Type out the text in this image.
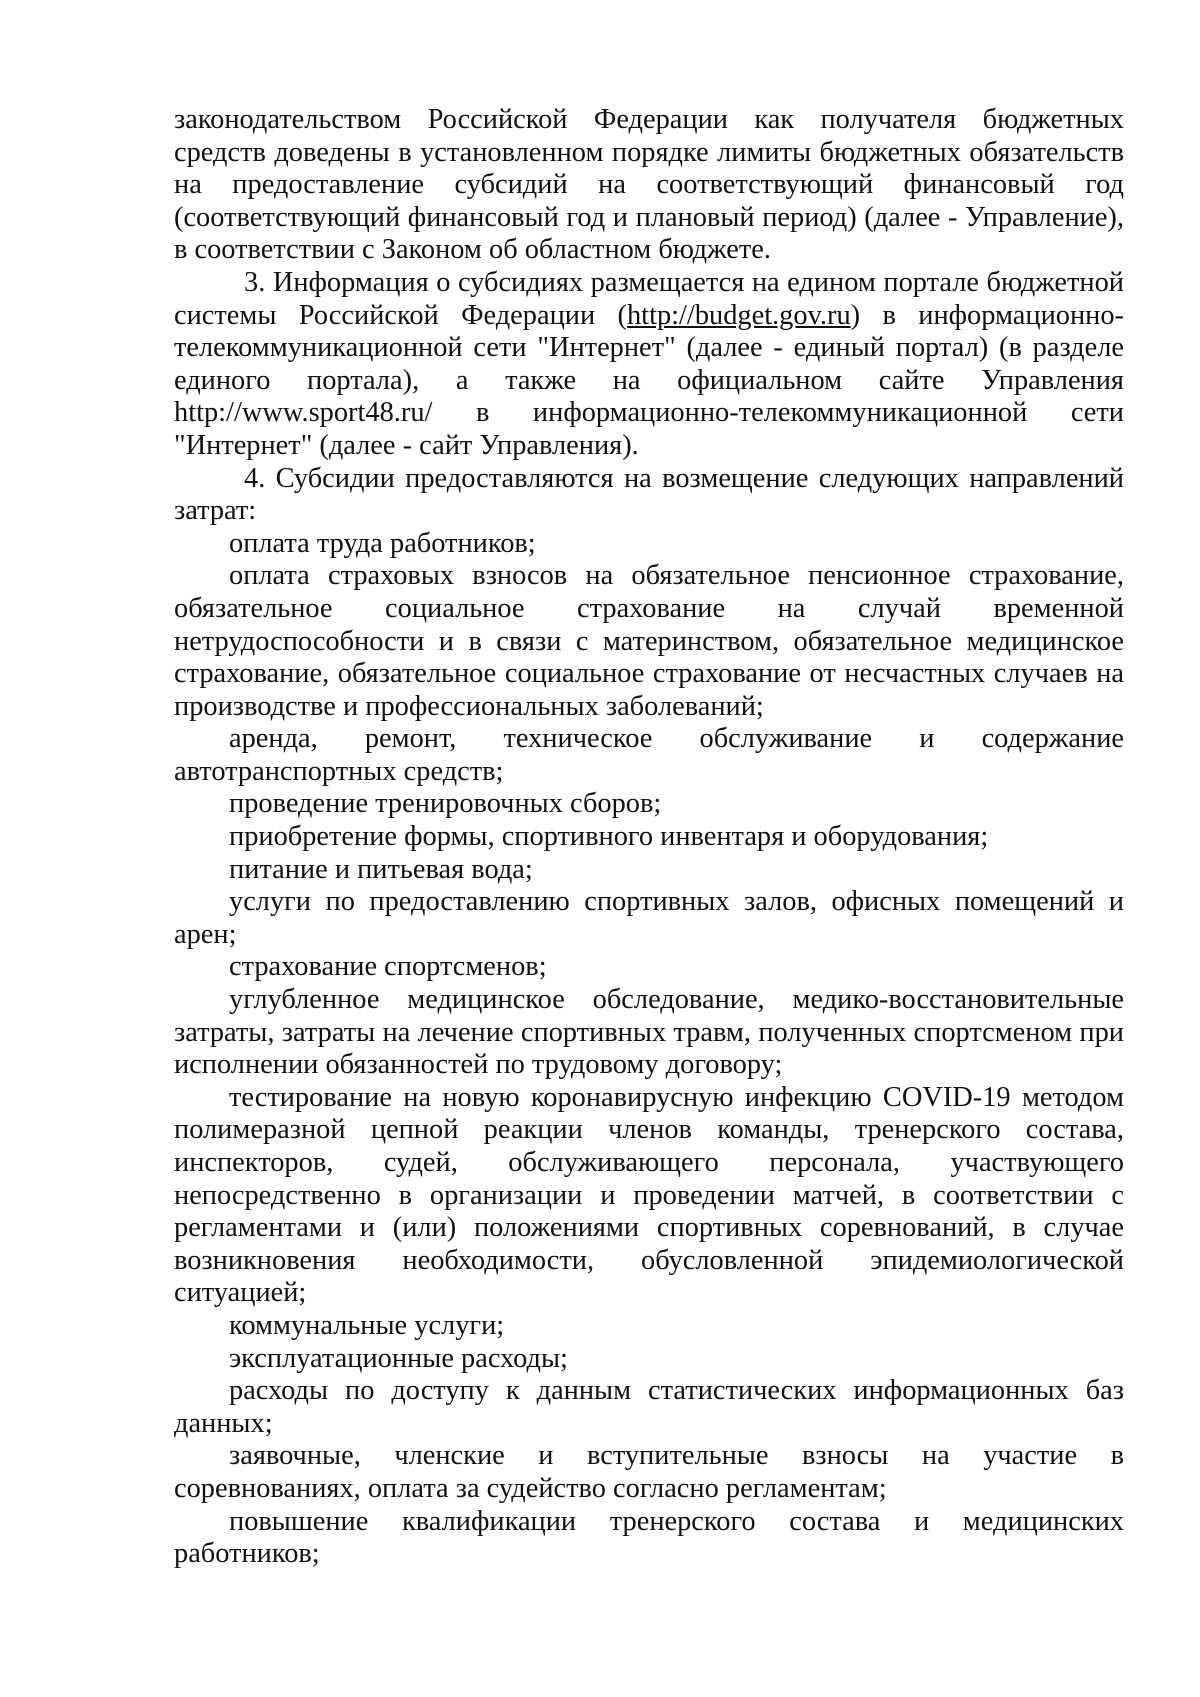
законодательством Российской Федерации как получателя бюджетных средств доведены в установленном порядке лимиты бюджетных обязательств на предоставление субсидий на соответствующий финансовый год (соответствующий финансовый год и плановый период) (далее - Управление), в соответствии с Законом об областном бюджете.

3. Информация о субсидиях размещается на едином портале бюджетной системы Российской Федерации (http://budget.gov.ru) в информационно-телекоммуникационной сети "Интернет" (далее - единый портал) (в разделе единого портала), а также на официальном сайте Управления http://www.sport48.ru/ в информационно-телекоммуникационной сети "Интернет" (далее - сайт Управления).

4. Субсидии предоставляются на возмещение следующих направлений затрат:

оплата труда работников;

оплата страховых взносов на обязательное пенсионное страхование, обязательное социальное страхование на случай временной нетрудоспособности и в связи с материнством, обязательное медицинское страхование, обязательное социальное страхование от несчастных случаев на производстве и профессиональных заболеваний;

аренда, ремонт, техническое обслуживание и содержание автотранспортных средств;

проведение тренировочных сборов;

приобретение формы, спортивного инвентаря и оборудования;

питание и питьевая вода;

услуги по предоставлению спортивных залов, офисных помещений и арен;

страхование спортсменов;

углубленное медицинское обследование, медико-восстановительные затраты, затраты на лечение спортивных травм, полученных спортсменом при исполнении обязанностей по трудовому договору;

тестирование на новую коронавирусную инфекцию COVID-19 методом полимеразной цепной реакции членов команды, тренерского состава, инспекторов, судей, обслуживающего персонала, участвующего непосредственно в организации и проведении матчей, в соответствии с регламентами и (или) положениями спортивных соревнований, в случае возникновения необходимости, обусловленной эпидемиологической ситуацией;

коммунальные услуги;

эксплуатационные расходы;

расходы по доступу к данным статистических информационных баз данных;

заявочные, членские и вступительные взносы на участие в соревнованиях, оплата за судейство согласно регламентам;

повышение квалификации тренерского состава и медицинских работников;
